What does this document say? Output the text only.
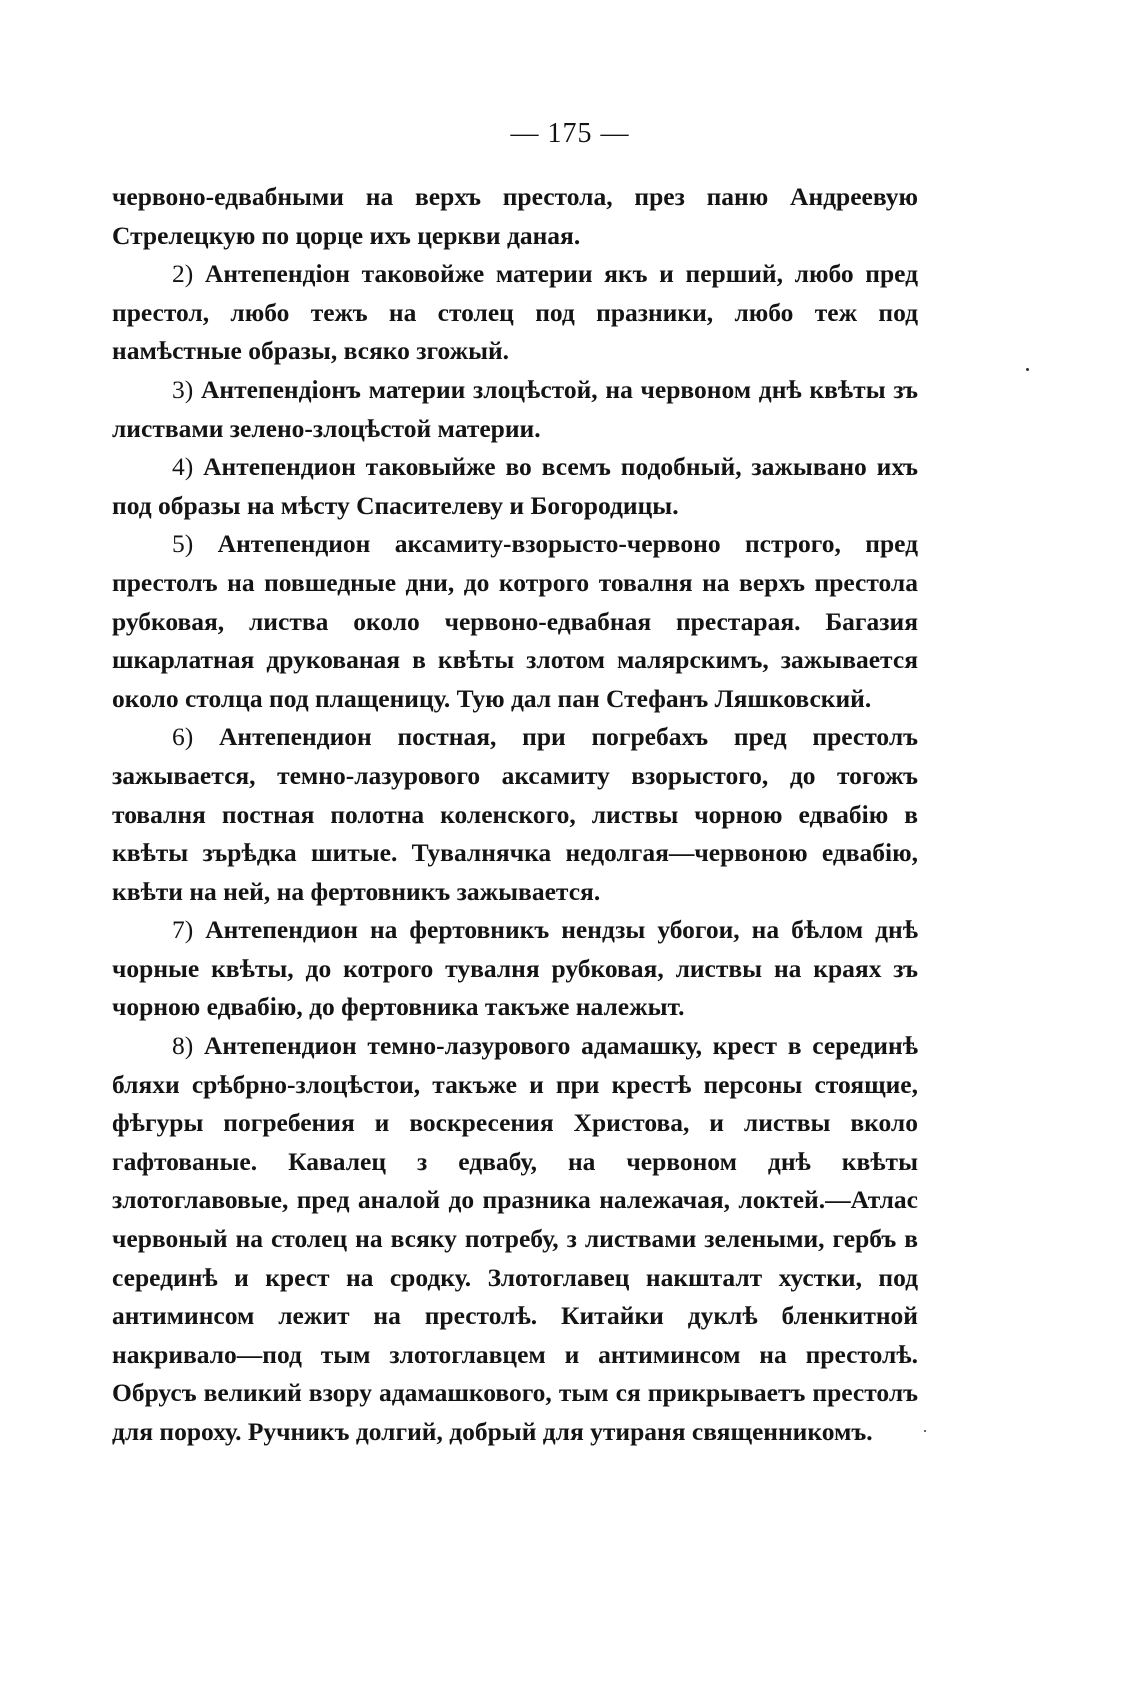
— 175 —

червоно-едвабными на верхъ престола, през паню Андреевую Стрелецкую по цорце ихъ церкви даная.

2) Антепендіон таковойже материи якъ и перший, любо пред престол, любо тежъ на столец под празники, любо теж под намѣстные образы, всяко згожый.

3) Антепендіонъ материи злоцѣстой, на червоном днѣ квѣты зъ листвами зелено-злоцѣстой материи.

4) Антепендион таковыйже во всемъ подобный, зажывано ихъ под образы на мѣсту Спасителеву и Богородицы.

5) Антепендион аксамиту-взорысто-червоно пстрого, пред престолъ на повшедные дни, до котрого товалня на верхъ престола рубковая, листва около червоно-едвабная престарая. Багазия шкарлатная друкованая в квѣты злотом малярскимъ, зажывается около столца под плащеницу. Тую дал пан Стефанъ Ляшковский.

6) Антепендион постная, при погребахъ пред престолъ зажывается, темно-лазурового аксамиту взорыстого, до тогожъ товалня постная полотна коленского, листвы чорною едвабію в квѣты зърѣдка шитые. Тувалнячка недолгая—червоною едвабію, квѣти на ней, на фертовникъ зажывается.

7) Антепендион на фертовникъ нендзы убогои, на бѣлом днѣ чорные квѣты, до котрого тувалня рубковая, листвы на краях зъ чорною едвабію, до фертовника такъже належыт.

8) Антепендион темно-лазурового адамашку, крест в серединѣ бляхи срѣбрно-злоцѣстои, такъже и при крестѣ персоны стоящие, фѣгуры погребения и воскресения Христова, и листвы вколо гафтованые. Кавалец з едвабу, на червоном днѣ квѣты злотоглавовые, пред аналой до празника належачая, локтей.—Атлас червоный на столец на всяку потребу, з листвами зелеными, гербъ в серединѣ и крест на сродку. Злотоглавец накшталт хустки, под антиминсом лежит на престолѣ. Китайки дуклѣ бленкитной накривало—под тым злотоглавцем и антиминсом на престолѣ. Обрусъ великий взору адамашкового, тым ся прикрываетъ престолъ для пороху. Ручникъ долгий, добрый для утираня священникомъ.
